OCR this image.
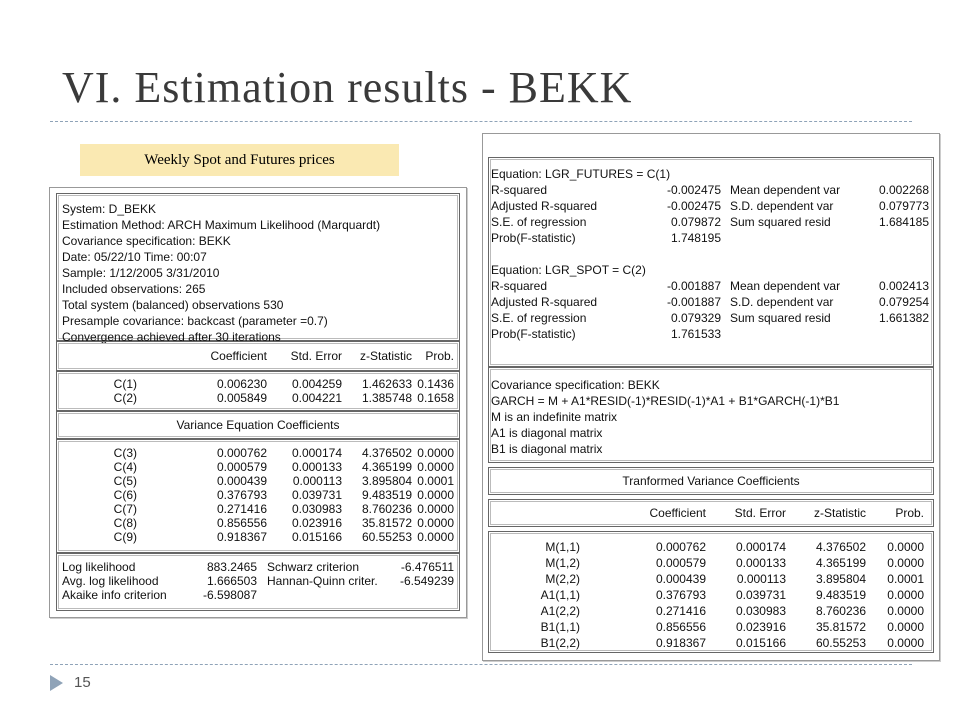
VI. Estimation results - BEKK
Weekly Spot and Futures prices
15
System: D_BEKK
Estimation Method: ARCH Maximum Likelihood (Marquardt)
Covariance specification: BEKK
Date: 05/22/10 Time: 00:07
Sample: 1/12/2005 3/31/2010
Included observations: 265
Total system (balanced) observations 530
Presample covariance: backcast (parameter =0.7)
Convergence achieved after 30 iterations
Coefficient	Std. Error	z-Statistic	Prob.
C(1)	0.006230	0.004259	1.462633 0.1436
C(2)	0.005849	0.004221	1.385748 0.1658
Variance Equation Coefficients
C(3)	0.000762	0.000174	4.376502 0.0000
C(4)	0.000579	0.000133	4.365199 0.0000
C(5)	0.000439	0.000113	3.895804 0.0001
C(6)	0.376793	0.039731	9.483519 0.0000
C(7)	0.271416	0.030983	8.760236 0.0000
C(8)	0.856556	0.023916	35.81572 0.0000
C(9)	0.918367	0.015166	60.55253 0.0000
Log likelihood	883.2465 Schwarz criterion	-6.476511
Avg. log likelihood	1.666503 Hannan-Quinn criter.	-6.549239
Akaike info criterion	-6.598087
Equation: LGR_FUTURES = C(1)
R-squared	-0.002475 Mean dependent var	0.002268
Adjusted R-squared	-0.002475 S.D. dependent var	0.079773
S.E. of regression	0.079872 Sum squared resid	1.684185
Prob(F-statistic)	1.748195
Equation: LGR_SPOT = C(2)
R-squared	-0.001887 Mean dependent var	0.002413
Adjusted R-squared	-0.001887 S.D. dependent var	0.079254
S.E. of regression	0.079329 Sum squared resid	1.661382
Prob(F-statistic)	1.761533
Covariance specification: BEKK
GARCH = M + A1*RESID(-1)*RESID(-1)*A1 + B1*GARCH(-1)*B1
M is an indefinite matrix
A1 is diagonal matrix
B1 is diagonal matrix
Tranformed Variance Coefficients
Coefficient	Std. Error	z-Statistic	Prob.
M(1,1)	0.000762	0.000174	4.376502	0.0000
M(1,2)	0.000579	0.000133	4.365199	0.0000
M(2,2)	0.000439	0.000113	3.895804	0.0001
A1(1,1)	0.376793	0.039731	9.483519	0.0000
A1(2,2)	0.271416	0.030983	8.760236	0.0000
B1(1,1)	0.856556	0.023916	35.81572	0.0000
B1(2,2)	0.918367	0.015166	60.55253	0.0000
